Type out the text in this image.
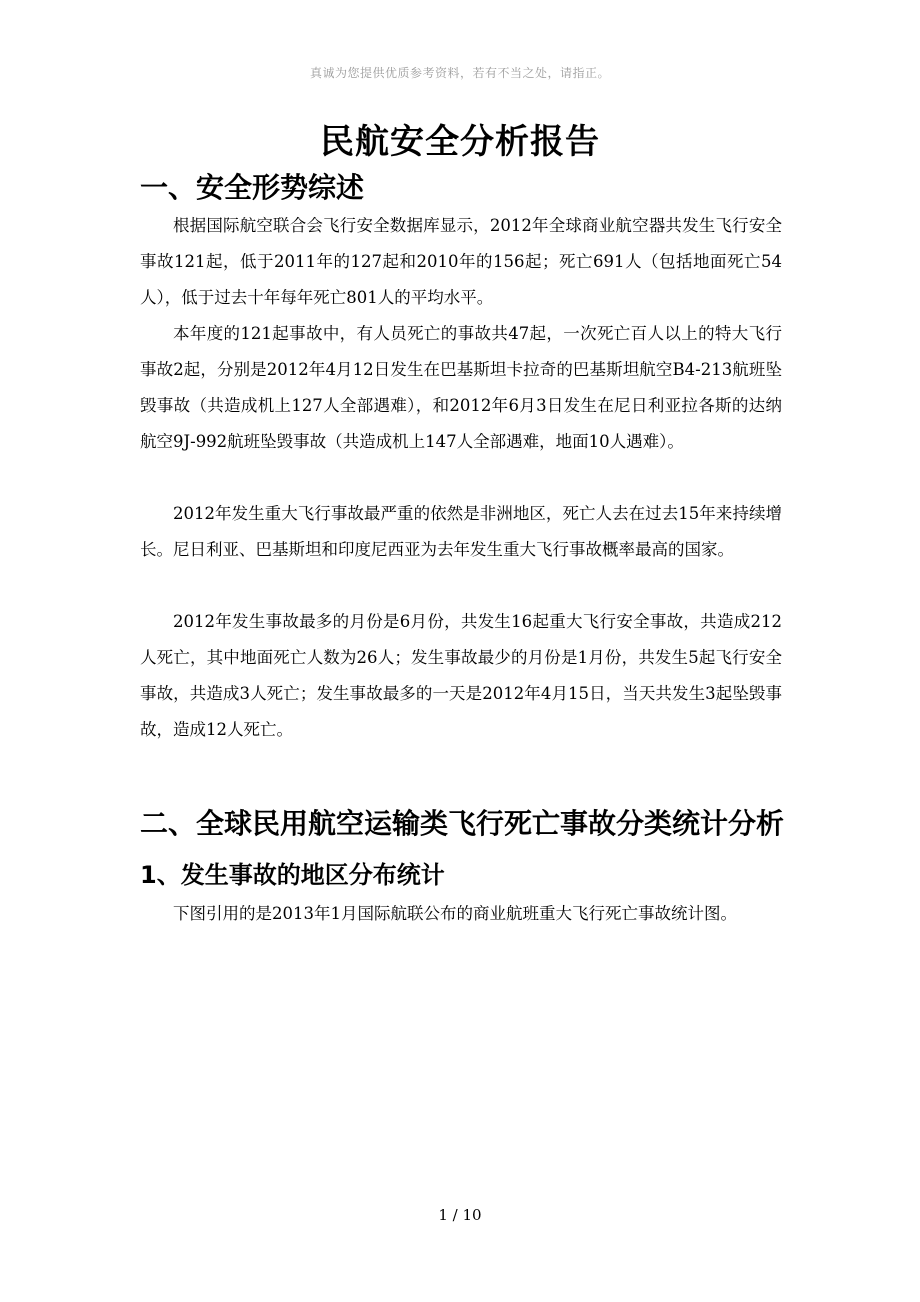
真诚为您提供优质参考资料，若有不当之处，请指正。
民航安全分析报告
一、安全形势综述

根据国际航空联合会飞行安全数据库显示，2012年全球商业航空器共发生飞行安全事故121起，低于2011年的127起和2010年的156起；死亡691人（包括地面死亡54人），低于过去十年每年死亡801人的平均水平。

本年度的121起事故中，有人员死亡的事故共47起，一次死亡百人以上的特大飞行事故2起，分别是2012年4月12日发生在巴基斯坦卡拉奇的巴基斯坦航空B4-213航班坠毁事故（共造成机上127人全部遇难），和2012年6月3日发生在尼日利亚拉各斯的达纳航空9J-992航班坠毁事故（共造成机上147人全部遇难，地面10人遇难）。

2012年发生重大飞行事故最严重的依然是非洲地区，死亡人去在过去15年来持续增长。尼日利亚、巴基斯坦和印度尼西亚为去年发生重大飞行事故概率最高的国家。

2012年发生事故最多的月份是6月份，共发生16起重大飞行安全事故，共造成212人死亡，其中地面死亡人数为26人；发生事故最少的月份是1月份，共发生5起飞行安全事故，共造成3人死亡；发生事故最多的一天是2012年4月15日，当天共发生3起坠毁事故，造成12人死亡。

二、全球民用航空运输类飞行死亡事故分类统计分析
1、发生事故的地区分布统计

下图引用的是2013年1月国际航联公布的商业航班重大飞行死亡事故统计图。

1 / 10
